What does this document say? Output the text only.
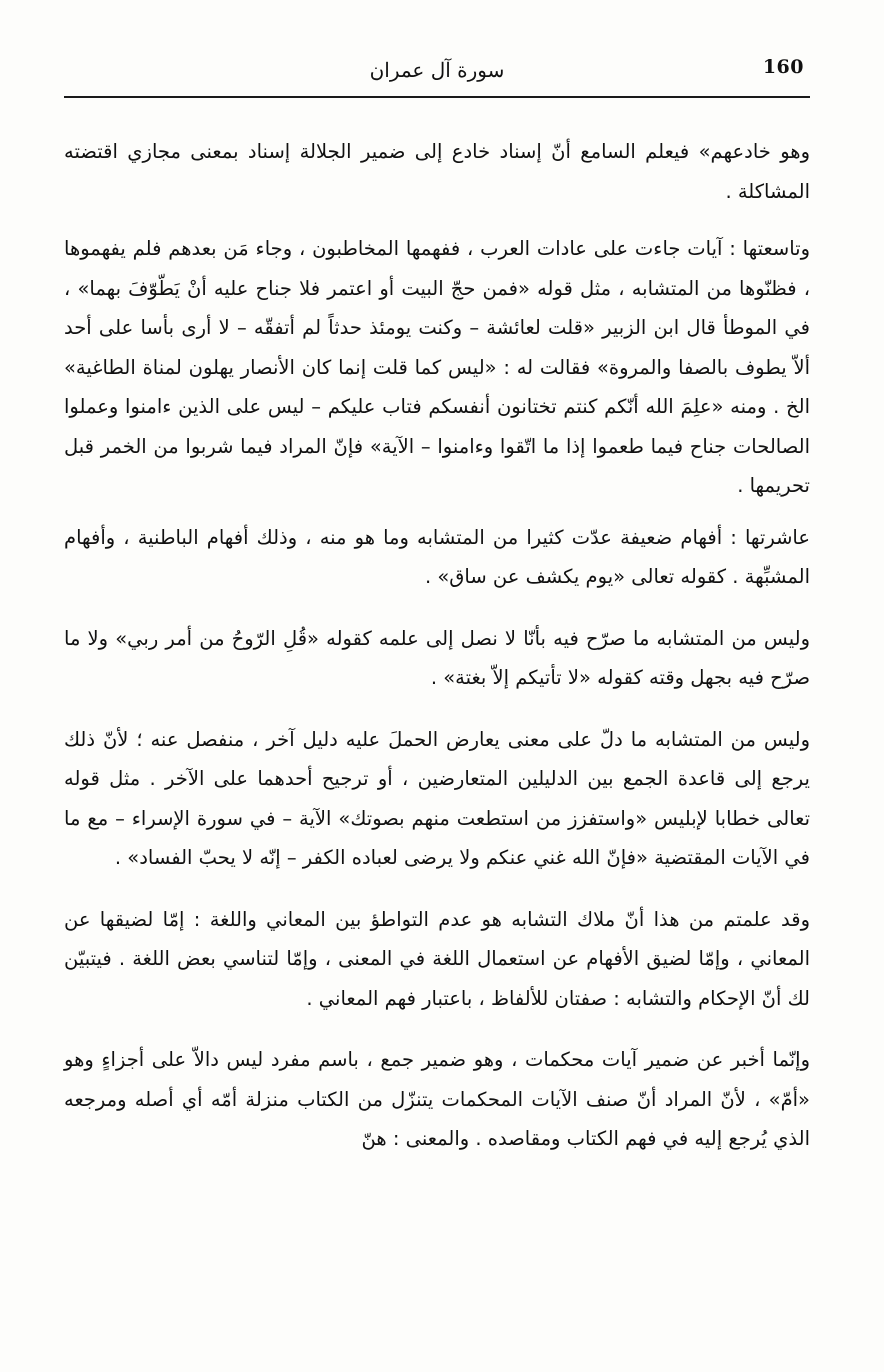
160
سورة آل عمران

وهو خادعهم» فيعلم السامع أنّ إسناد خادع إلى ضمير الجلالة إسناد بمعنى مجازي اقتضته المشاكلة .

وتاسعتها : آيات جاءت على عادات العرب ، ففهمها المخاطبون ، وجاء مَن بعدهم فلم يفهموها ، فظنّوها من المتشابه ، مثل قوله «فمن حجّ البيت أو اعتمر فلا جناح عليه أنْ يَطّوّفَ بهما» ، في الموطأ قال ابن الزبير «قلت لعائشة – وكنت يومئذ حدثاً لم أتفقّه – لا أرى بأسا على أحد ألاّ يطوف بالصفا والمروة» فقالت له : «ليس كما قلت إنما كان الأنصار يهلون لمناة الطاغية» الخ . ومنه «علِمَ الله أنّكم كنتم تختانون أنفسكم فتاب عليكم – ليس على الذين ءامنوا وعملوا الصالحات جناح فيما طعموا إذا ما اتّقوا وءامنوا – الآية» فإنّ المراد فيما شربوا من الخمر قبل تحريمها .

عاشرتها : أفهام ضعيفة عدّت كثيرا من المتشابه وما هو منه ، وذلك أفهام الباطنية ، وأفهام المشبِّهة . كقوله تعالى «يوم يكشف عن ساق» .

وليس من المتشابه ما صرّح فيه بأنّا لا نصل إلى علمه كقوله «قُلِ الرّوحُ من أمر ربي» ولا ما صرّح فيه بجهل وقته كقوله «لا تأتيكم إلاّ بغتة» .

وليس من المتشابه ما دلّ على معنى يعارض الحملَ عليه دليل آخر ، منفصل عنه ؛ لأنّ ذلك يرجع إلى قاعدة الجمع بين الدليلين المتعارضين ، أو ترجيح أحدهما على الآخر . مثل قوله تعالى خطابا لإبليس «واستفزز من استطعت منهم بصوتك» الآية – في سورة الإسراء – مع ما في الآيات المقتضية «فإنّ الله غني عنكم ولا يرضى لعباده الكفر – إنّه لا يحبّ الفساد» .

وقد علمتم من هذا أنّ ملاك التشابه هو عدم التواطؤ بين المعاني واللغة : إمّا لضيقها عن المعاني ، وإمّا لضيق الأفهام عن استعمال اللغة في المعنى ، وإمّا لتناسي بعض اللغة . فيتبيّن لك أنّ الإحكام والتشابه : صفتان للألفاظ ، باعتبار فهم المعاني .

وإنّما أخبر عن ضمير آيات محكمات ، وهو ضمير جمع ، باسم مفرد ليس دالاّ على أجزاءٍ وهو «أمّ» ، لأنّ المراد أنّ صنف الآيات المحكمات يتنزّل من الكتاب منزلة أمّه أي أصله ومرجعه الذي يُرجع إليه في فهم الكتاب ومقاصده . والمعنى : هنّ
